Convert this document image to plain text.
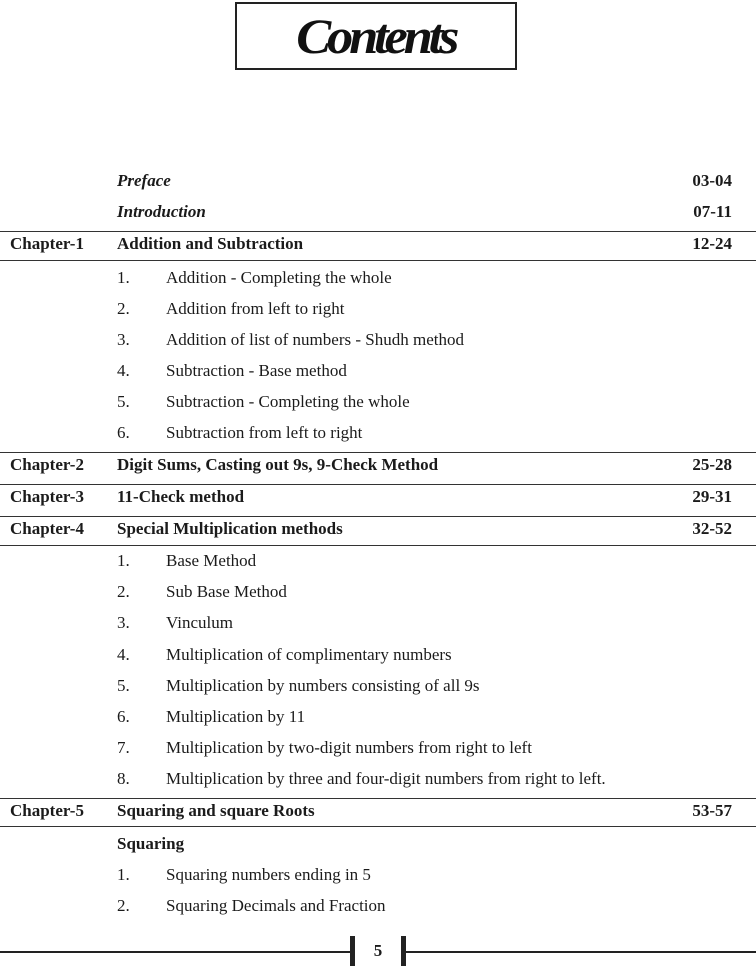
Contents
Preface	03-04
Introduction	07-11
Chapter-1 Addition and Subtraction	12-24
1. Addition - Completing the whole
2. Addition from left to right
3. Addition of list of numbers - Shudh method
4. Subtraction - Base method
5. Subtraction - Completing the whole
6. Subtraction from left to right
Chapter-2 Digit Sums, Casting out 9s, 9-Check Method	25-28
Chapter-3 11-Check method	29-31
Chapter-4 Special Multiplication methods	32-52
1. Base Method
2. Sub Base Method
3. Vinculum
4. Multiplication of complimentary numbers
5. Multiplication by numbers consisting of all 9s
6. Multiplication by 11
7. Multiplication by two-digit numbers from right to left
8. Multiplication by three and four-digit numbers from right to left.
Chapter-5 Squaring and square Roots	53-57
Squaring
1. Squaring numbers ending in 5
2. Squaring Decimals and Fraction
5
